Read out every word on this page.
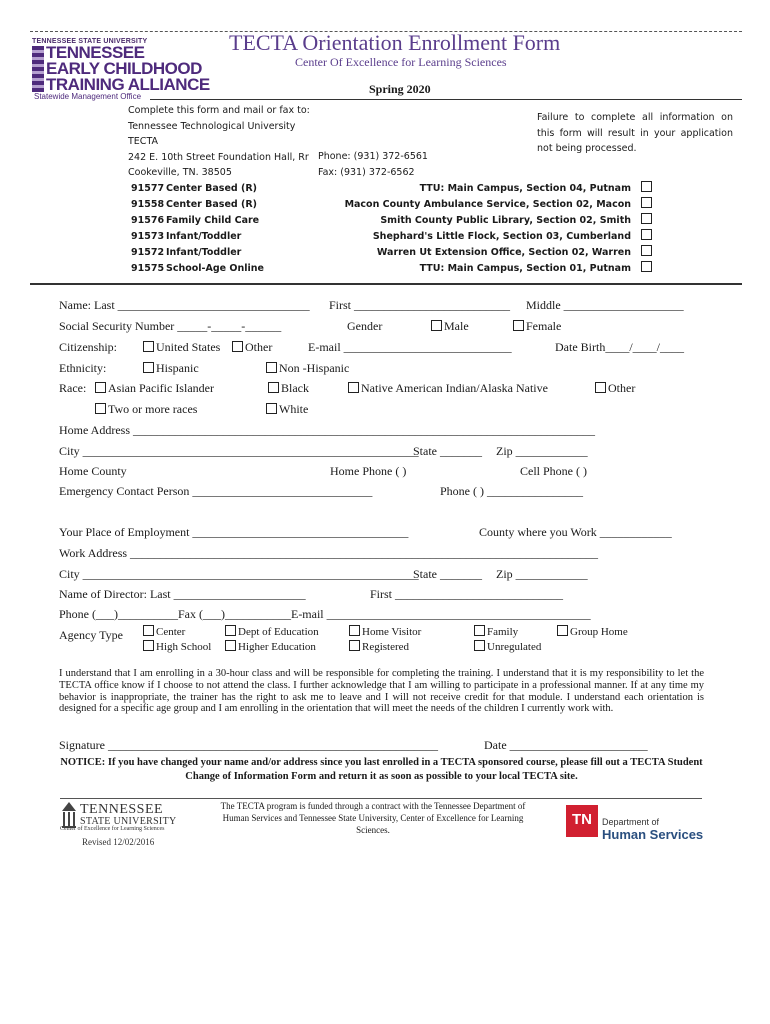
TENNESSEE STATE UNIVERSITY
TENNESSEE
EARLY CHILDHOOD
TRAINING ALLIANCE
Statewide Management Office
TECTA Orientation Enrollment Form
Center Of Excellence for Learning Sciences
Spring 2020
Complete this form and mail or fax to:
Tennessee Technological University
TECTA
242 E. 10th Street Foundation Hall, Rr
Cookeville, TN. 38505
Phone: (931) 372-6561
Fax: (931) 372-6562
Failure to complete all information on this form will result in your application not being processed.
91577 Center Based (R)	TTU: Main Campus, Section 04, Putnam
91558 Center Based (R)	Macon County Ambulance Service, Section 02, Macon
91576 Family Child Care	Smith County Public Library, Section 02, Smith
91573 Infant/Toddler	Shephard's Little Flock, Section 03, Cumberland
91572 Infant/Toddler	Warren Ut Extension Office, Section 02, Warren
91575 School-Age Online	TTU: Main Campus, Section 01, Putnam
Name: Last ________________________________ First __________________________ Middle ____________________
Social Security Number _____-_____-______	Gender	Male	Female
Citizenship:	United States	Other	E-mail ____________________________	Date Birth____/____/____
Ethnicity:	Hispanic	Non -Hispanic
Race:	Asian Pacific Islander	Black	Native American Indian/Alaska Native	Other
Two or more races	White
Home Address _____________________________________________________________________________
City ________________________________________________________
State _______ Zip ____________
Home County	Home Phone ( )	Cell Phone ( )
Emergency Contact Person ______________________________	Phone ( ) ________________
Your Place of Employment ____________________________________	County where you Work ____________
Work Address ______________________________________________________________________________
City ________________________________________________________
State _______ Zip ____________
Name of Director: Last ______________________	First ____________________________
Phone (___)__________Fax (___)___________E-mail ____________________________________________
Agency Type	Center	Dept of Education	Home Visitor	Family	Group Home
High School	Higher Education	Registered	Unregulated
I understand that I am enrolling in a 30-hour class and will be responsible for completing the training. I understand that it is my responsibility to let the TECTA office know if I choose to not attend the class. I further acknowledge that I am willing to participate in a professional manner. If at any time my behavior is inappropriate, the trainer has the right to ask me to leave and I will not receive credit for that module. I understand each orientation is designed for a specific age group and I am enrolling in the orientation that will meet the needs of the children I currently work with.
Signature _______________________________________________________	Date _______________________
NOTICE: If you have changed your name and/or address since you last enrolled in a TECTA sponsored course, please fill out a TECTA Student Change of Information Form and return it as soon as possible to your local TECTA site.
TENNESSEE
STATE UNIVERSITY
Center of Excellence for Learning Sciences
Revised 12/02/2016
The TECTA program is funded through a contract with the Tennessee Department of Human Services and Tennessee State University, Center of Excellence for Learning Sciences.
TN	Department of
Human Services
